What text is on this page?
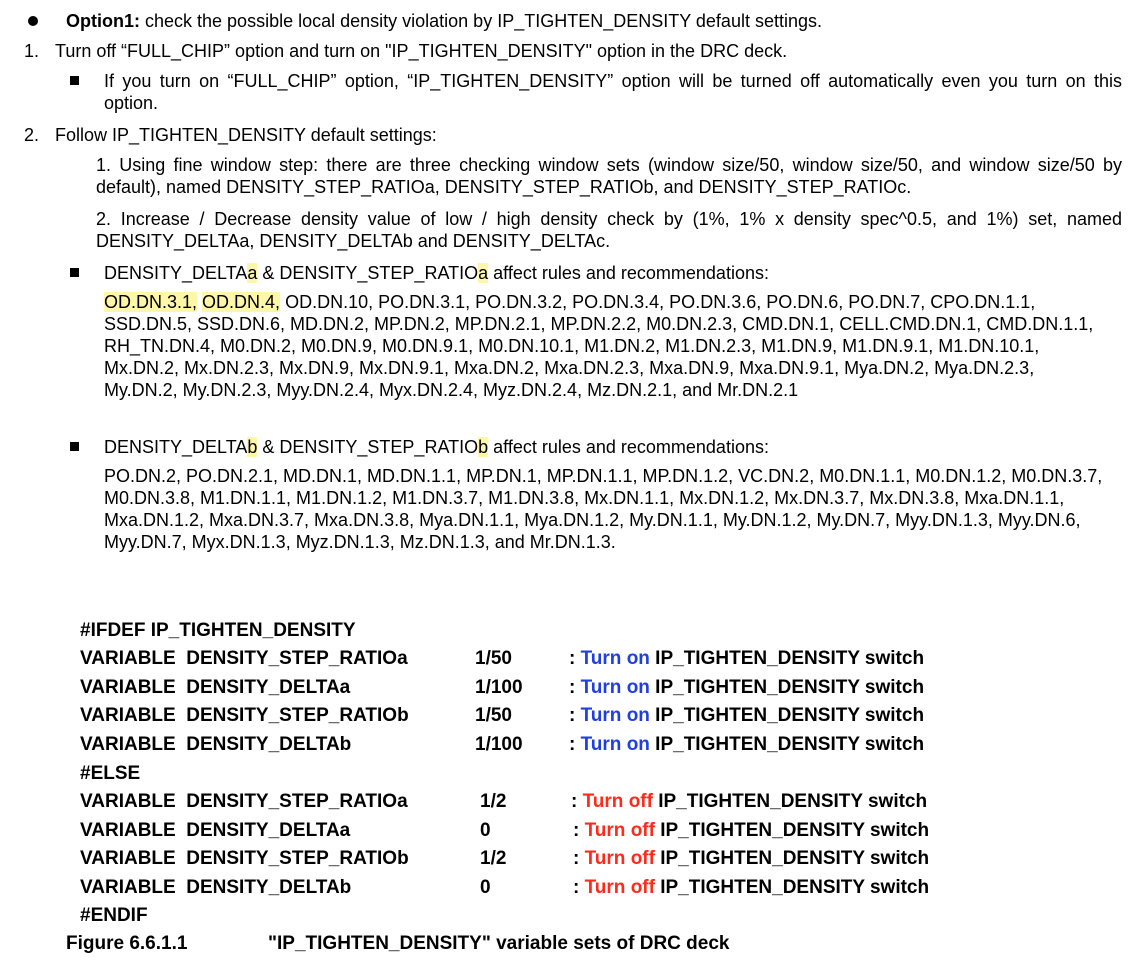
Option1: check the possible local density violation by IP_TIGHTEN_DENSITY default settings.
1. Turn off “FULL_CHIP” option and turn on "IP_TIGHTEN_DENSITY" option in the DRC deck.
If you turn on “FULL_CHIP” option, “IP_TIGHTEN_DENSITY” option will be turned off automatically even you turn on this option.
2. Follow IP_TIGHTEN_DENSITY default settings:
1. Using fine window step: there are three checking window sets (window size/50, window size/50, and window size/50 by default), named DENSITY_STEP_RATIOa, DENSITY_STEP_RATIOb, and DENSITY_STEP_RATIOc.
2. Increase / Decrease density value of low / high density check by (1%, 1% x density spec^0.5, and 1%) set, named DENSITY_DELTAa, DENSITY_DELTAb and DENSITY_DELTAc.
DENSITY_DELTAa & DENSITY_STEP_RATIOa affect rules and recommendations:
OD.DN.3.1, OD.DN.4, OD.DN.10, PO.DN.3.1, PO.DN.3.2, PO.DN.3.4, PO.DN.3.6, PO.DN.6, PO.DN.7, CPO.DN.1.1, SSD.DN.5, SSD.DN.6, MD.DN.2, MP.DN.2, MP.DN.2.1, MP.DN.2.2, M0.DN.2.3, CMD.DN.1, CELL.CMD.DN.1, CMD.DN.1.1, RH_TN.DN.4, M0.DN.2, M0.DN.9, M0.DN.9.1, M0.DN.10.1, M1.DN.2, M1.DN.2.3, M1.DN.9, M1.DN.9.1, M1.DN.10.1, Mx.DN.2, Mx.DN.2.3, Mx.DN.9, Mx.DN.9.1, Mxa.DN.2, Mxa.DN.2.3, Mxa.DN.9, Mxa.DN.9.1, Mya.DN.2, Mya.DN.2.3, My.DN.2, My.DN.2.3, Myy.DN.2.4, Myx.DN.2.4, Myz.DN.2.4, Mz.DN.2.1, and Mr.DN.2.1
DENSITY_DELTAb & DENSITY_STEP_RATIOb affect rules and recommendations:
PO.DN.2, PO.DN.2.1, MD.DN.1, MD.DN.1.1, MP.DN.1, MP.DN.1.1, MP.DN.1.2, VC.DN.2, M0.DN.1.1, M0.DN.1.2, M0.DN.3.7, M0.DN.3.8, M1.DN.1.1, M1.DN.1.2, M1.DN.3.7, M1.DN.3.8, Mx.DN.1.1, Mx.DN.1.2, Mx.DN.3.7, Mx.DN.3.8, Mxa.DN.1.1, Mxa.DN.1.2, Mxa.DN.3.7, Mxa.DN.3.8, Mya.DN.1.1, Mya.DN.1.2, My.DN.1.1, My.DN.1.2, My.DN.7, Myy.DN.1.3, Myy.DN.6, Myy.DN.7, Myx.DN.1.3, Myz.DN.1.3, Mz.DN.1.3, and Mr.DN.1.3.
#IFDEF IP_TIGHTEN_DENSITY
VARIABLE  DENSITY_STEP_RATIOa	1/50	: Turn on IP_TIGHTEN_DENSITY switch
VARIABLE  DENSITY_DELTAa	1/100 : Turn on IP_TIGHTEN_DENSITY switch
VARIABLE  DENSITY_STEP_RATIOb	1/50	: Turn on IP_TIGHTEN_DENSITY switch
VARIABLE  DENSITY_DELTAb	1/100 : Turn on IP_TIGHTEN_DENSITY switch
#ELSE
VARIABLE  DENSITY_STEP_RATIOa	1/2	: Turn off IP_TIGHTEN_DENSITY switch
VARIABLE  DENSITY_DELTAa	0	: Turn off IP_TIGHTEN_DENSITY switch
VARIABLE  DENSITY_STEP_RATIOb	1/2	: Turn off IP_TIGHTEN_DENSITY switch
VARIABLE  DENSITY_DELTAb	0	: Turn off IP_TIGHTEN_DENSITY switch
#ENDIF
Figure 6.6.1.1	"IP_TIGHTEN_DENSITY" variable sets of DRC deck
